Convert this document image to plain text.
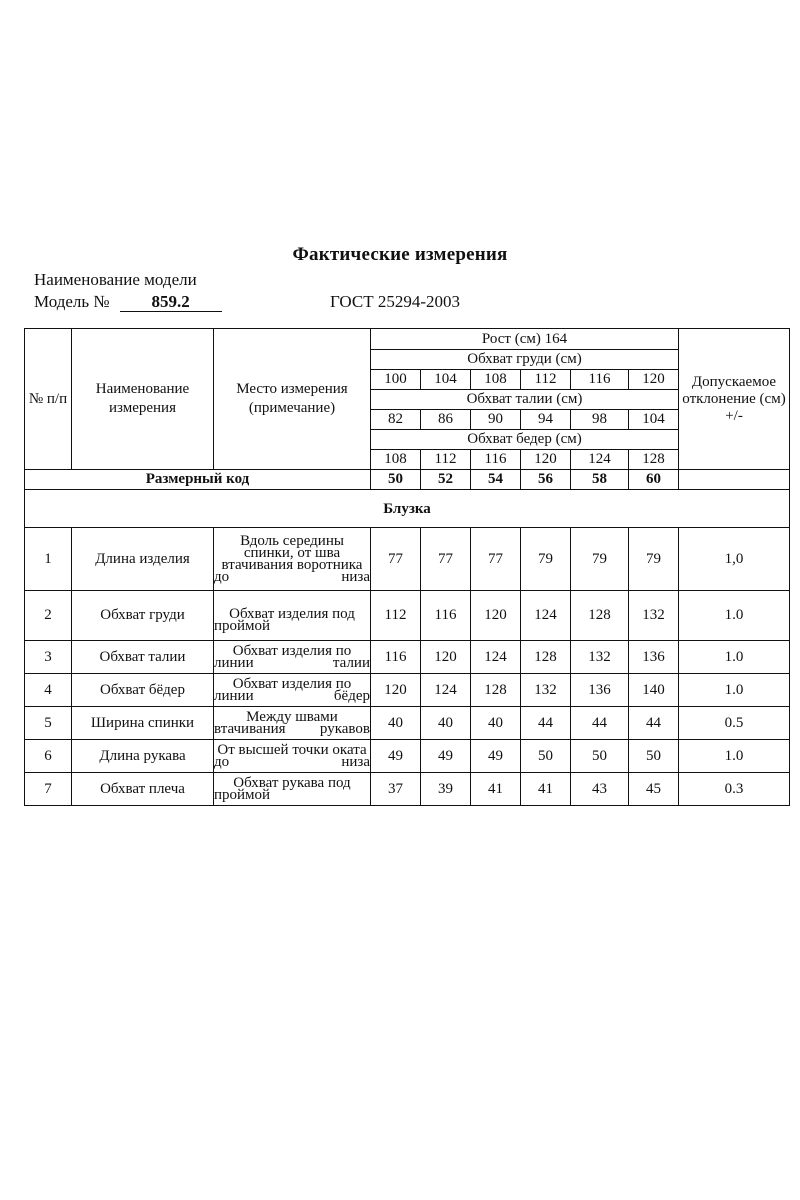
Фактические измерения
Наименование модели
Модель № 859.2	ГОСТ 25294-2003
№ п/п	Наименование измерения	Место измерения (примечание)	Рост (см) 164						Допускаемое отклонение (см) +/-
			Обхват груди (см)						
			100	104	108	112	116	120	
			Обхват талии (см)						
			82	86	90	94	98	104	
			Обхват бедер (см)						
			108	112	116	120	124	128	
Размерный код			50	52	54	56	58	60	
Блузка									
1	Длина изделия	Вдоль середины спинки, от шва втачивания воротника до низа	77	77	77	79	79	79	1,0
2	Обхват груди	Обхват изделия под проймой	112	116	120	124	128	132	1.0
3	Обхват талии	Обхват изделия по линии талии	116	120	124	128	132	136	1.0
4	Обхват бёдер	Обхват изделия по линии бёдер	120	124	128	132	136	140	1.0
5	Ширина спинки	Между швами втачивания рукавов	40	40	40	44	44	44	0.5
6	Длина рукава	От высшей точки оката до низа	49	49	49	50	50	50	1.0
7	Обхват плеча	Обхват рукава под проймой	37	39	41	41	43	45	0.3
